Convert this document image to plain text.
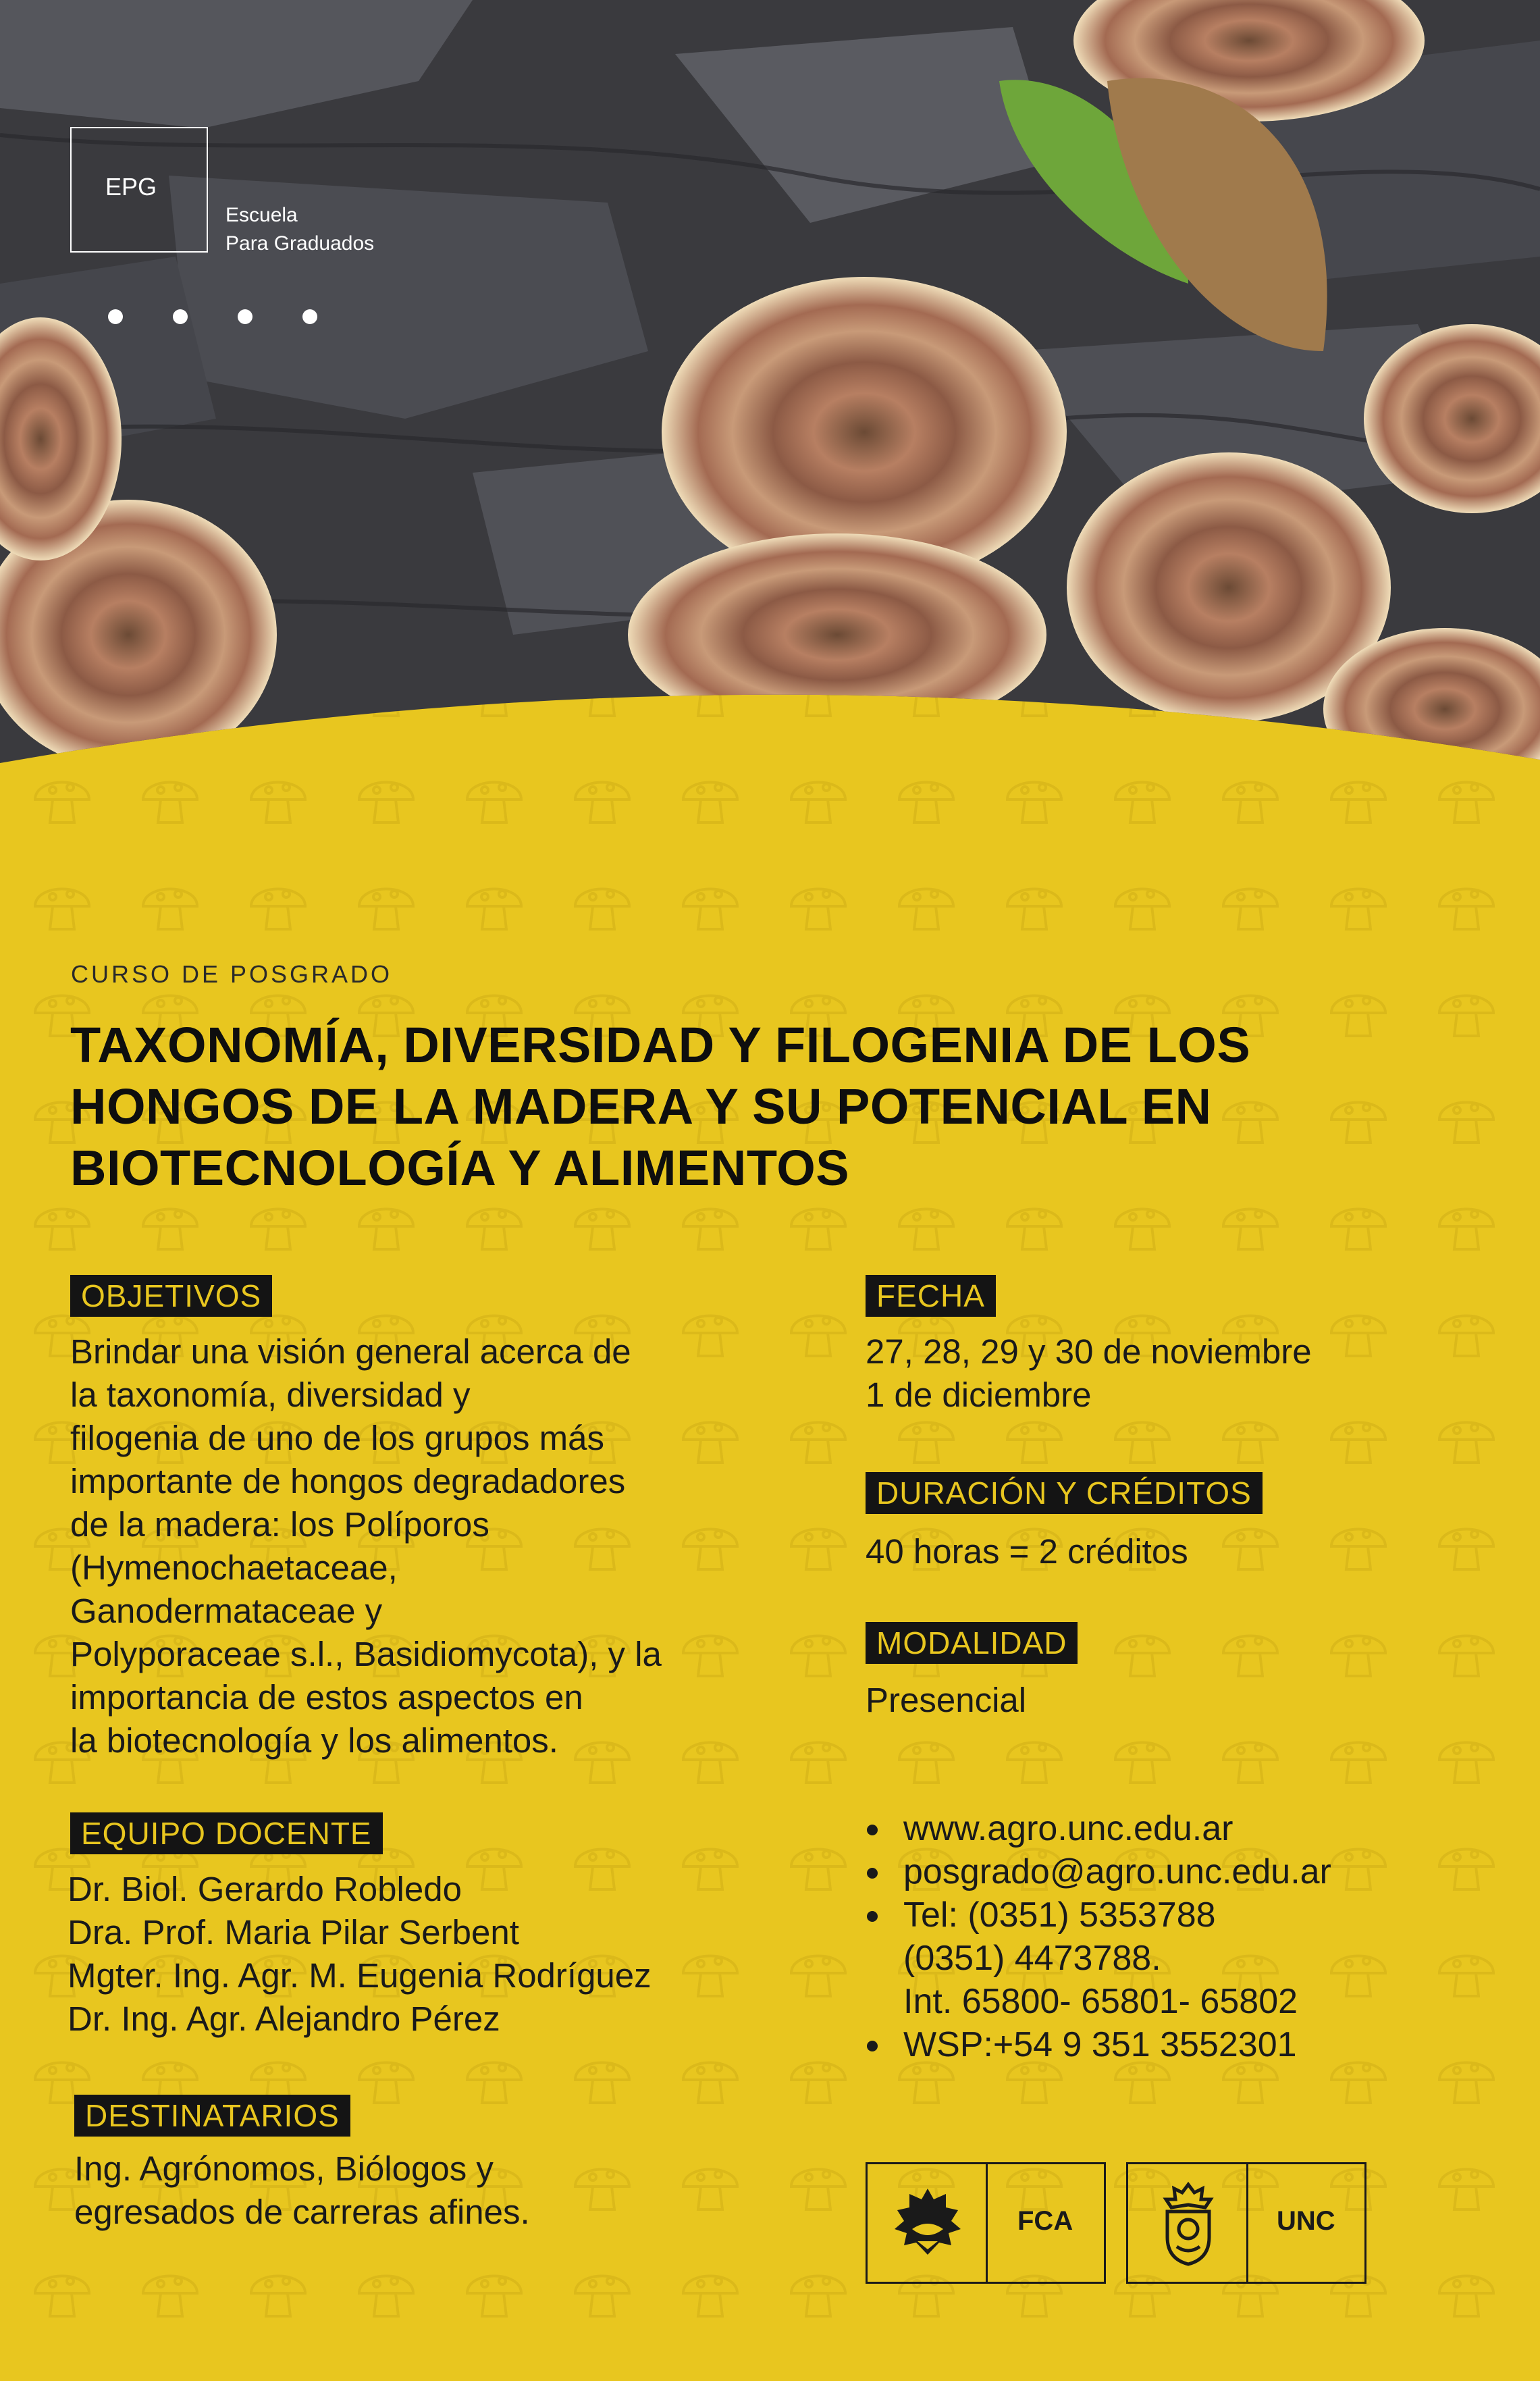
EPG
Escuela
Para Graduados
CURSO DE POSGRADO
TAXONOMÍA, DIVERSIDAD Y FILOGENIA DE LOS
HONGOS DE LA MADERA Y SU POTENCIAL EN
BIOTECNOLOGÍA Y ALIMENTOS
OBJETIVOS
Brindar una visión general acerca de
la taxonomía, diversidad y
filogenia de uno de los grupos más
importante de hongos degradadores
de la madera: los Políporos
(Hymenochaetaceae,
Ganodermataceae y
Polyporaceae s.l., Basidiomycota), y la
importancia de estos aspectos en
la biotecnología y los alimentos.
EQUIPO DOCENTE
Dr. Biol. Gerardo Robledo
Dra. Prof. Maria Pilar Serbent
Mgter. Ing. Agr. M. Eugenia Rodríguez
Dr. Ing. Agr. Alejandro Pérez
DESTINATARIOS
Ing. Agrónomos, Biólogos y
egresados de carreras afines.
FECHA
27, 28, 29 y 30 de noviembre
1 de diciembre
DURACIÓN Y CRÉDITOS
40 horas = 2 créditos
MODALIDAD
Presencial
www.agro.unc.edu.ar
posgrado@agro.unc.edu.ar
Tel: (0351) 5353788
(0351) 4473788.
Int. 65800- 65801- 65802
WSP:+54 9 351 3552301
FCA	UNC
